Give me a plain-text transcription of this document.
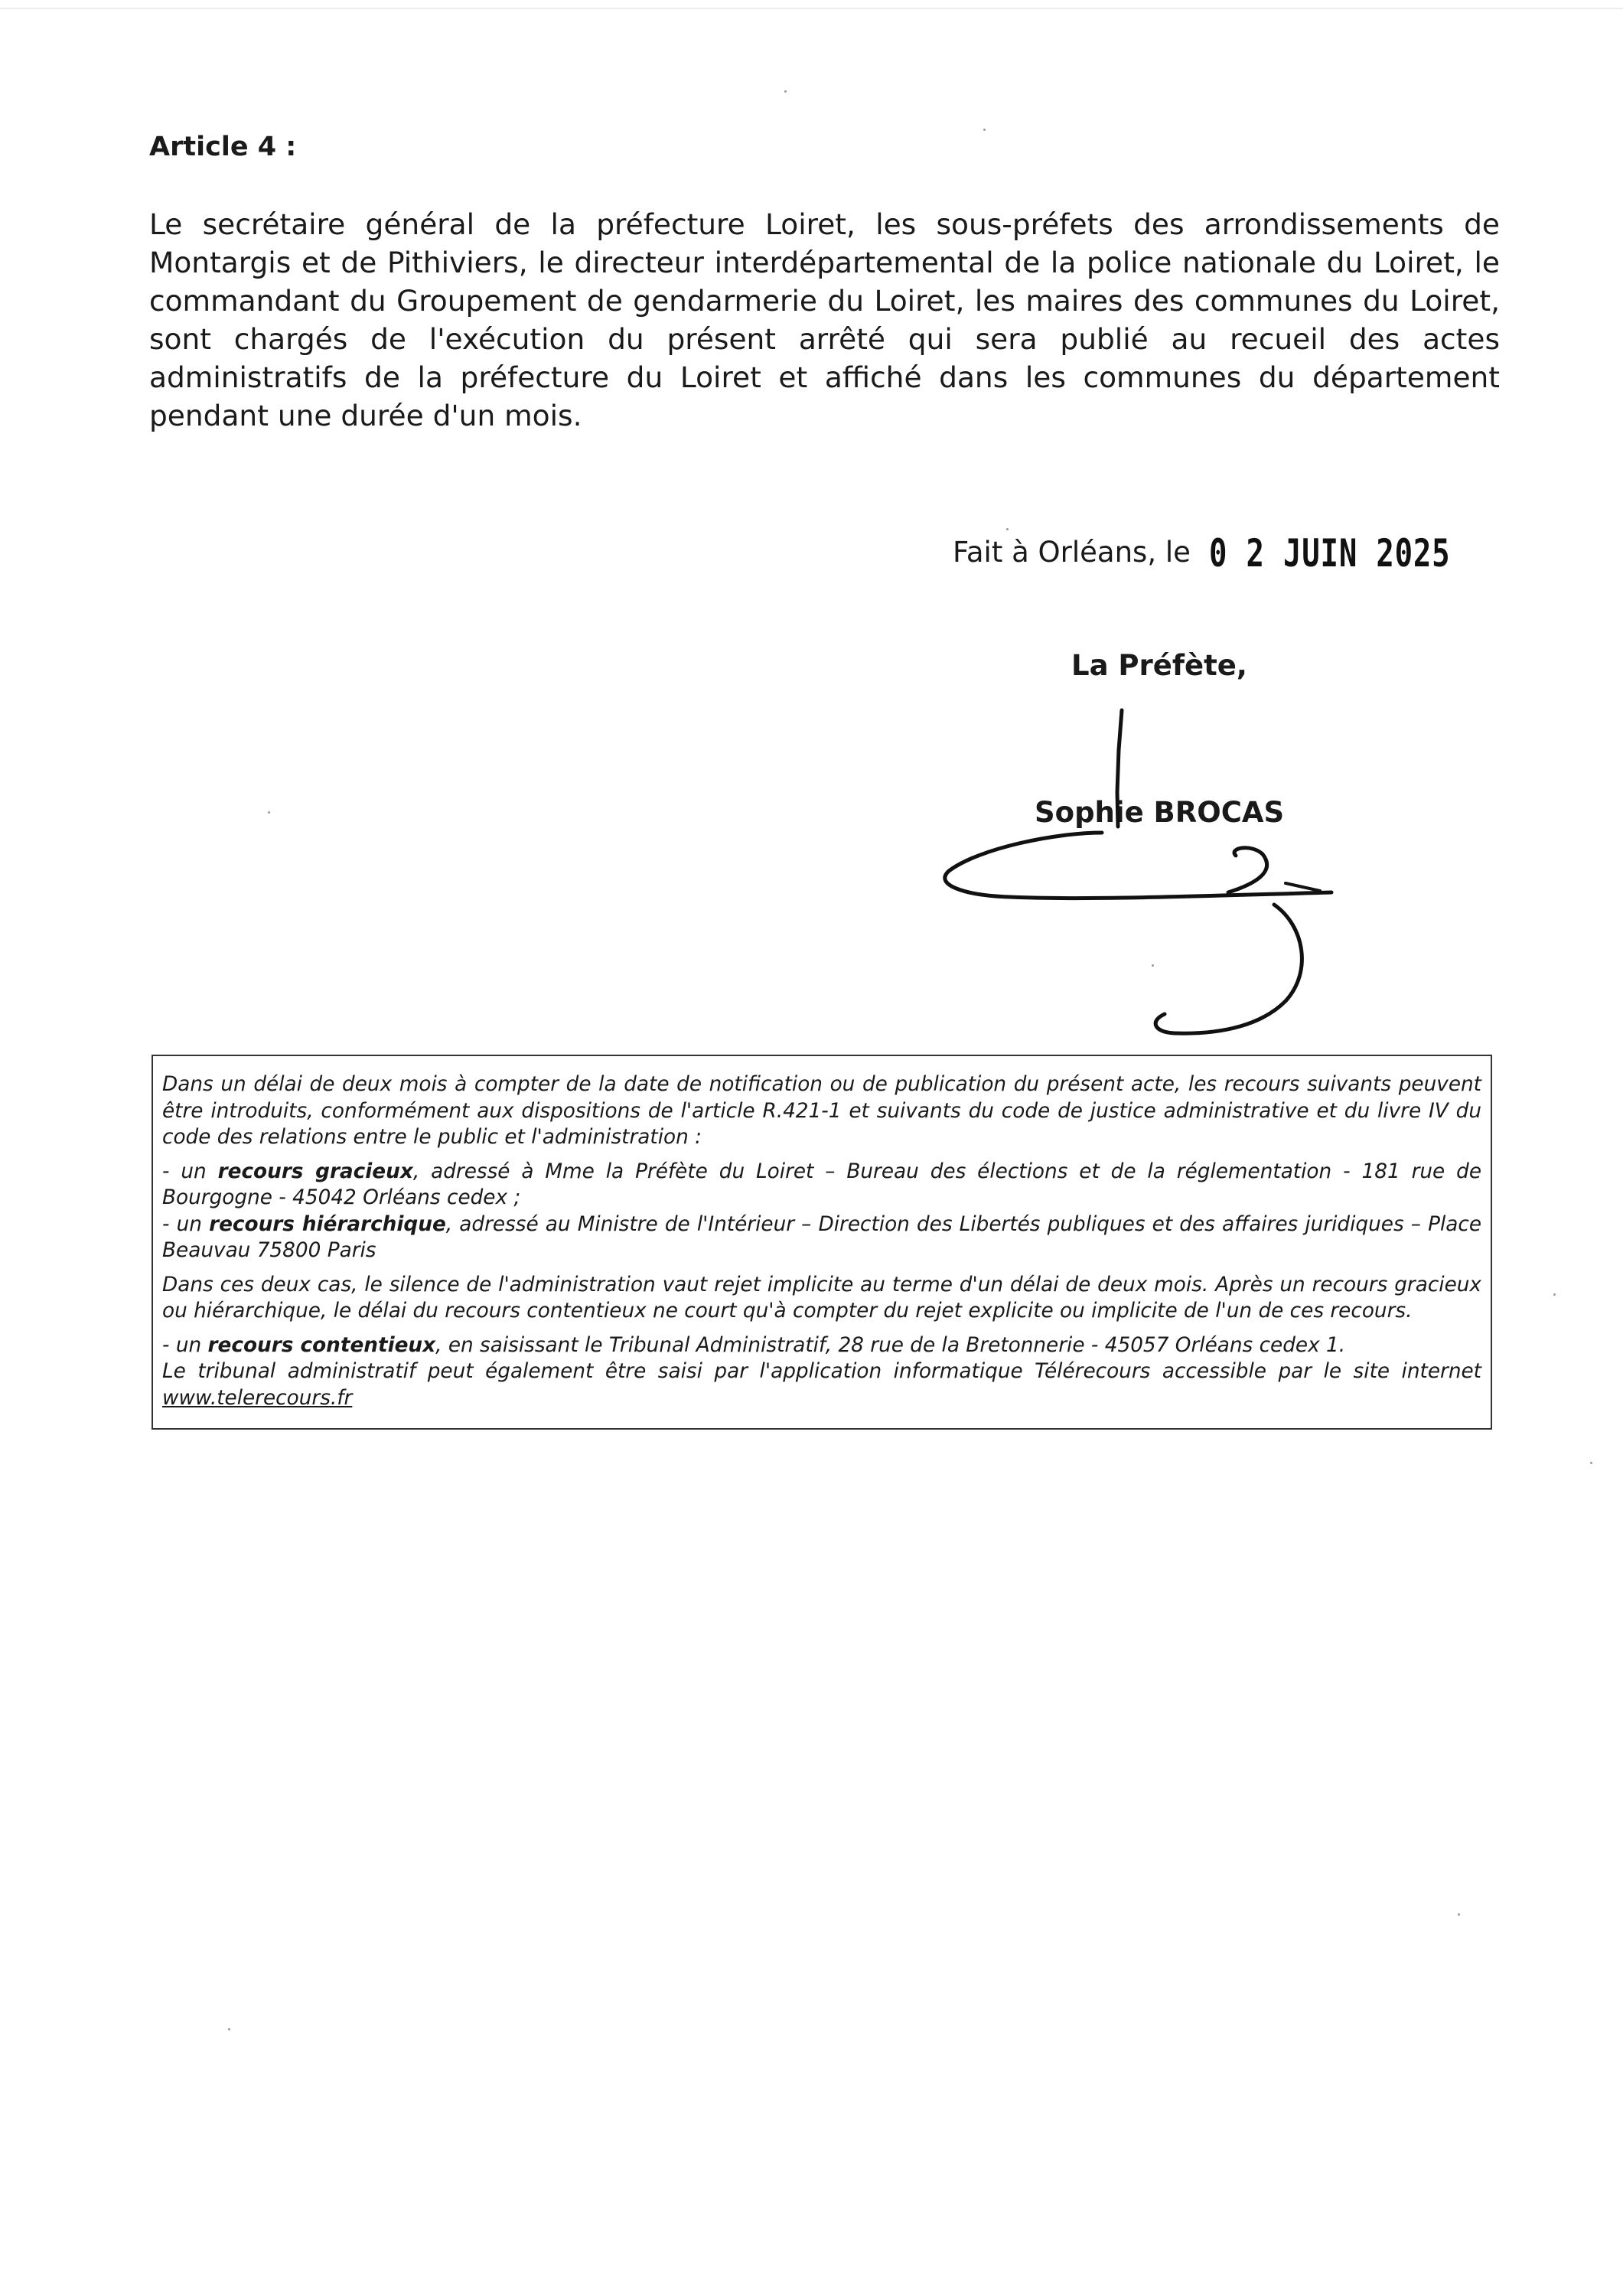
Article 4 :

Le secrétaire général de la préfecture Loiret, les sous-préfets des arrondissements de Montargis et de Pithiviers, le directeur interdépartemental de la police nationale du Loiret, le commandant du Groupement de gendarmerie du Loiret, les maires des communes du Loiret, sont chargés de l'exécution du présent arrêté qui sera publié au recueil des actes administratifs de la préfecture du Loiret et affiché dans les communes du département pendant une durée d'un mois.

Fait à Orléans, le 0 2 JUIN 2025
La Préfète,
Sophie BROCAS

Dans un délai de deux mois à compter de la date de notification ou de publication du présent acte, les recours suivants peuvent être introduits, conformément aux dispositions de l'article R.421-1 et suivants du code de justice administrative et du livre IV du code des relations entre le public et l'administration :

- un recours gracieux, adressé à Mme la Préfète du Loiret – Bureau des élections et de la réglementation - 181 rue de Bourgogne - 45042 Orléans cedex ;

- un recours hiérarchique, adressé au Ministre de l'Intérieur – Direction des Libertés publiques et des affaires juridiques – Place Beauvau 75800 Paris

Dans ces deux cas, le silence de l'administration vaut rejet implicite au terme d'un délai de deux mois. Après un recours gracieux ou hiérarchique, le délai du recours contentieux ne court qu'à compter du rejet explicite ou implicite de l'un de ces recours.

- un recours contentieux, en saisissant le Tribunal Administratif, 28 rue de la Bretonnerie - 45057 Orléans cedex 1.

Le tribunal administratif peut également être saisi par l'application informatique Télérecours accessible par le site internet www.telerecours.fr
